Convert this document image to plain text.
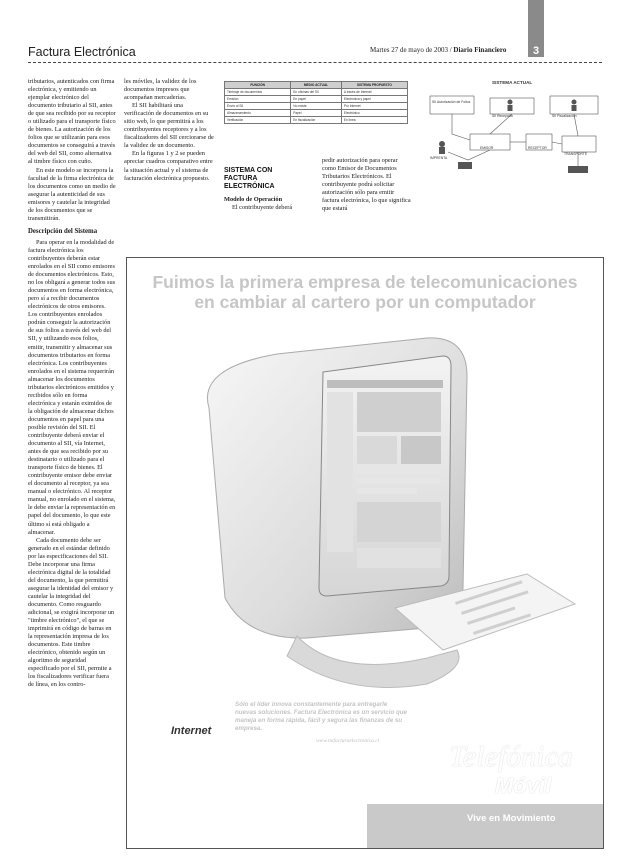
Factura Electrónica	Martes 27 de mayo de 2003 / Diario Financiero	3

tributarios, autenticados con firma electrónica, y emitiendo un ejemplar electrónico del documento tributario al SII, antes de que sea recibido por su receptor o utilizado para el transporte físico de bienes. La autorización de los folios que se utilizarán para esos documentos se conseguirá a través del web del SII, como alternativa al timbre físico con cuño.

En este modelo se incorpora la facultad de la firma electrónica de los documentos como un medio de asegurar la autenticidad de sus emisores y cautelar la integridad de los documentos que se transmitirán.

Descripción del Sistema

Para operar en la modalidad de factura electrónica los contribuyentes deberán estar enrolados en el SII como emisores de documentos electrónicos. Esto, no los obligará a generar todos sus documentos en forma electrónica, pero sí a recibir documentos electrónicos de otros emisores. Los contribuyentes enrolados podrán conseguir la autorización de sus folios a través del web del SII, y utilizando esos folios, emitir, transmitir y almacenar sus documentos tributarios en forma electrónica. Los contribuyentes enrolados en el sistema requerirán almacenar los documentos tributarios electrónicos emitidos y recibidos sólo en forma electrónica y estarán eximidos de la obligación de almacenar dichos documentos en papel para una posible revisión del SII. El contribuyente deberá enviar el documento al SII, vía Internet, antes de que sea recibido por su destinatario o utilizado para el transporte físico de bienes. El contribuyente emisor debe enviar el documento al receptor, ya sea manual o electrónico. Al receptor manual, no enrolado en el sistema, le debe enviar la representación en papel del documento, lo que este último sí está obligado a almacenar.

Cada documento debe ser generado en el estándar definido por las especificaciones del SII. Debe incorporar una firma electrónica digital de la totalidad del documento, la que permitirá asegurar la identidad del emisor y cautelar la integridad del documento. Como resguardo adicional, se exigirá incorporar un "timbre electrónico", el que se imprimirá en código de barras en la representación impresa de los documentos. Este timbre electrónico, obtenido según un algoritmo de seguridad especificado por el SII, permite a los fiscalizadores verificar fuera de línea, en los contro-

les móviles, la validez de los documentos impresos que acompañan mercaderías.

El SII habilitará una verificación de documentos en su sitio web, lo que permitirá a los contribuyentes receptores y a los fiscalizadores del SII cerciorarse de la validez de un documento.

En la figuras 1 y 2 se pueden apreciar cuadros comparativo entre la situación actual y el sistema de facturación electrónica propuesto.

SISTEMA CON
FACTURA
ELECTRÓNICA

Modelo de Operación

El contribuyente deberá

pedir autorización para operar como Emisor de Documentos Tributarios Electrónicos. El contribuyente podrá solicitar autorización sólo para emitir factura electrónica, lo que significa que estará

FUNCIÓN	MEDIO ACTUAL	SISTEMA PROPUESTO
Timbraje de documentos	En oficinas del SII	A través de Internet
Emisión	En papel	Electrónica y papel
Envío al SII	No existe	Por Internet
Almacenamiento	Papel	Electrónico
Verificación	En fiscalización	En línea
SISTEMA ACTUAL
SII Autorización de Folios
SII Recepción	SII Fiscalización
EMISOR	RECEPTOR
IMPRENTA
TRANSPORTE
Fuimos la primera empresa de telecomunicaciones
en cambiar al cartero por un computador
Internet
Sólo el líder innova constantemente para entregarle nuevas soluciones. Factura Electrónica es un servicio que maneja en forma rápida, fácil y segura las finanzas de su empresa.
www.tmfacturaelectronica.cl Telefónica
Móvil
Vive en Movimiento
